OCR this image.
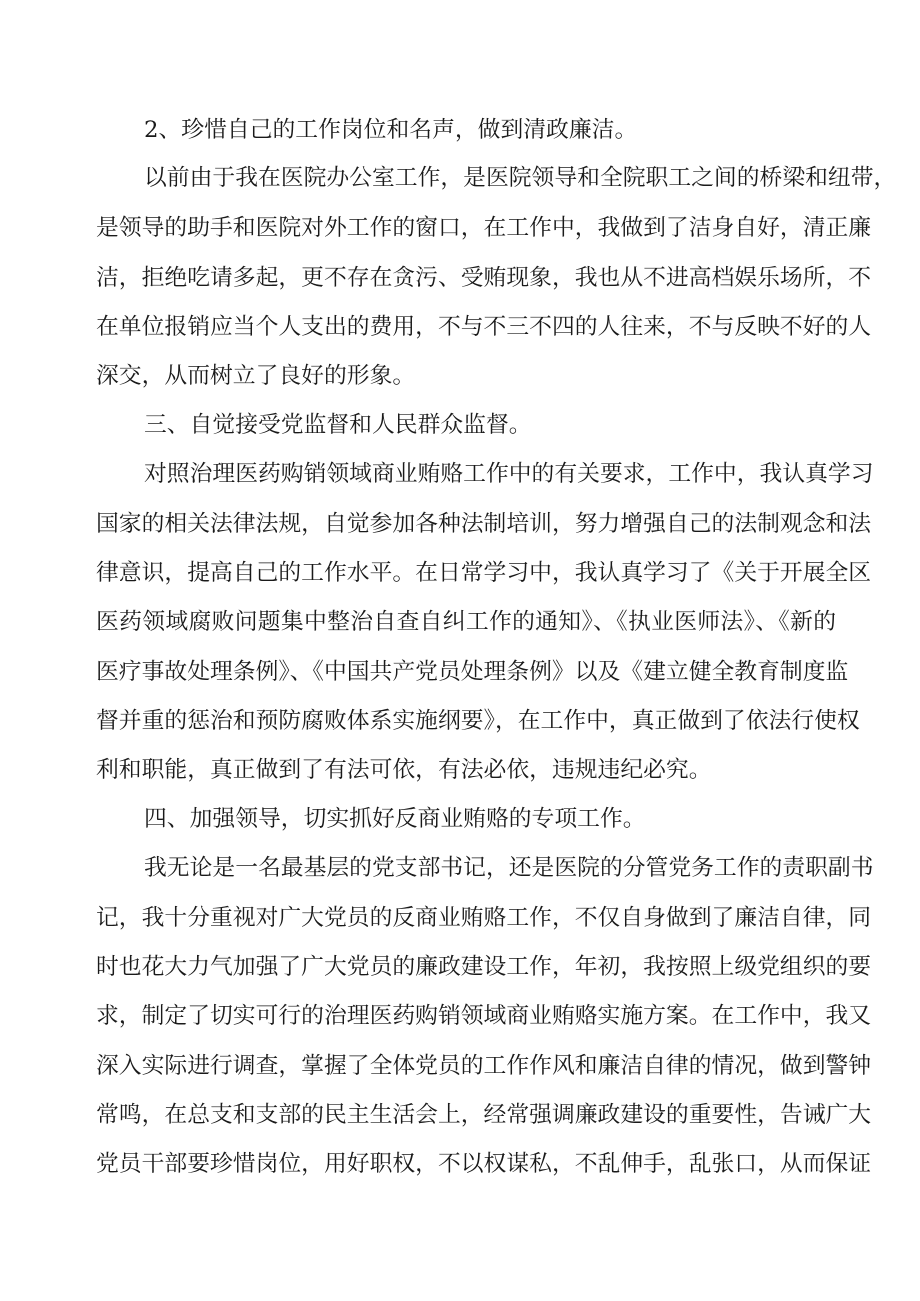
2、珍惜自己的工作岗位和名声，做到清政廉洁。
以前由于我在医院办公室工作，是医院领导和全院职工之间的桥梁和纽带，
是领导的助手和医院对外工作的窗口，在工作中，我做到了洁身自好，清正廉
洁，拒绝吃请多起，更不存在贪污、受贿现象，我也从不进高档娱乐场所，不
在单位报销应当个人支出的费用，不与不三不四的人往来，不与反映不好的人
深交，从而树立了良好的形象。
三、自觉接受党监督和人民群众监督。
对照治理医药购销领域商业贿赂工作中的有关要求，工作中，我认真学习
国家的相关法律法规，自觉参加各种法制培训，努力增强自己的法制观念和法
律意识，提高自己的工作水平。在日常学习中，我认真学习了《关于开展全区
医药领域腐败问题集中整治自查自纠工作的通知》、《执业医师法》、《新的
医疗事故处理条例》、《中国共产党员处理条例》以及《建立健全教育制度监
督并重的惩治和预防腐败体系实施纲要》，在工作中，真正做到了依法行使权
利和职能，真正做到了有法可依，有法必依，违规违纪必究。
四、加强领导，切实抓好反商业贿赂的专项工作。
我无论是一名最基层的党支部书记，还是医院的分管党务工作的责职副书
记，我十分重视对广大党员的反商业贿赂工作，不仅自身做到了廉洁自律，同
时也花大力气加强了广大党员的廉政建设工作，年初，我按照上级党组织的要
求，制定了切实可行的治理医药购销领域商业贿赂实施方案。在工作中，我又
深入实际进行调查，掌握了全体党员的工作作风和廉洁自律的情况，做到警钟
常鸣，在总支和支部的民主生活会上，经常强调廉政建设的重要性，告诫广大
党员干部要珍惜岗位，用好职权，不以权谋私，不乱伸手，乱张口，从而保证
